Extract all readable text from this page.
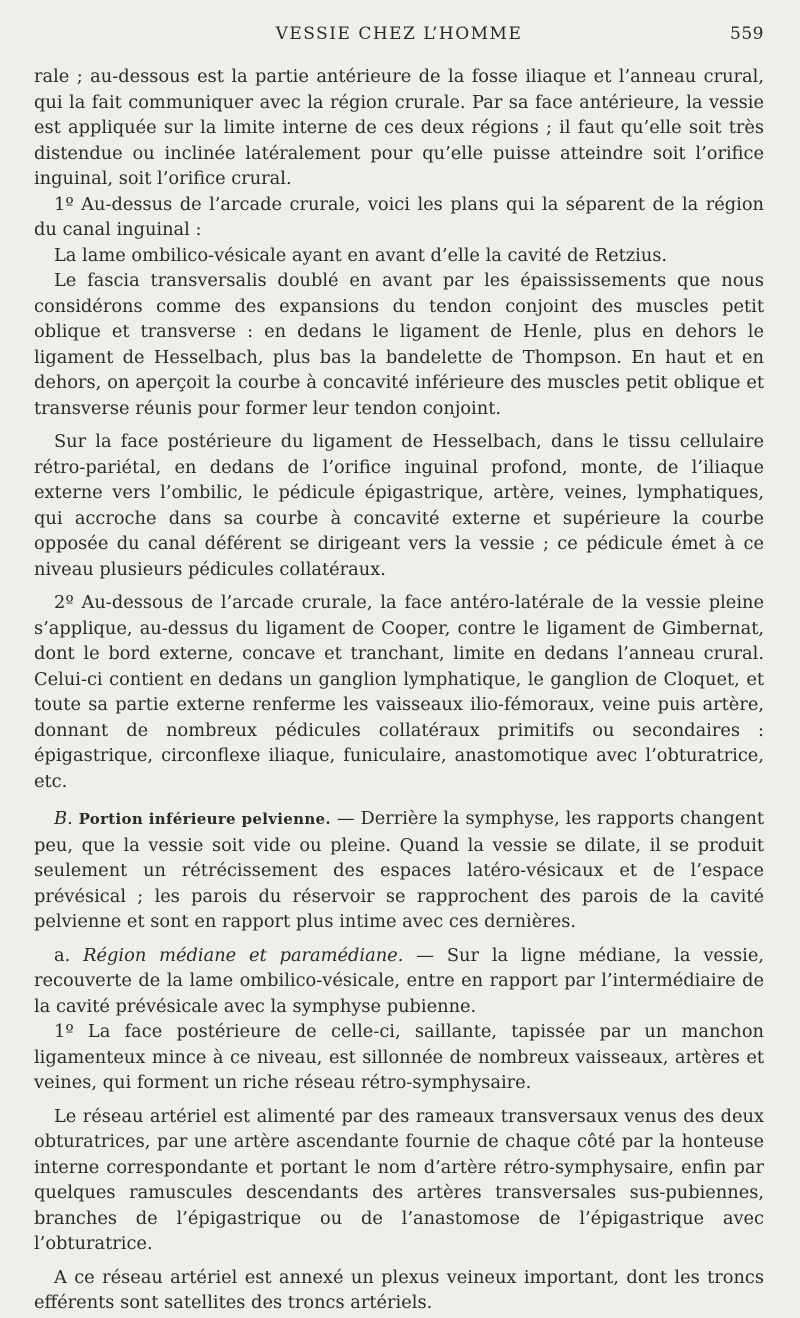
VESSIE CHEZ L’HOMME	559

rale ; au-dessous est la partie antérieure de la fosse iliaque et l’anneau crural, qui la fait communiquer avec la région crurale. Par sa face antérieure, la vessie est appliquée sur la limite interne de ces deux régions ; il faut qu’elle soit très distendue ou inclinée latéralement pour qu’elle puisse atteindre soit l’orifice inguinal, soit l’orifice crural.

1º Au-dessus de l’arcade crurale, voici les plans qui la séparent de la région du canal inguinal :

La lame ombilico-vésicale ayant en avant d’elle la cavité de Retzius.

Le fascia transversalis doublé en avant par les épaississements que nous considérons comme des expansions du tendon conjoint des muscles petit oblique et transverse : en dedans le ligament de Henle, plus en dehors le ligament de Hesselbach, plus bas la bandelette de Thompson. En haut et en dehors, on aperçoit la courbe à concavité inférieure des muscles petit oblique et transverse réunis pour former leur tendon conjoint.

Sur la face postérieure du ligament de Hesselbach, dans le tissu cellulaire rétro-pariétal, en dedans de l’orifice inguinal profond, monte, de l’iliaque externe vers l’ombilic, le pédicule épigastrique, artère, veines, lymphatiques, qui accroche dans sa courbe à concavité externe et supérieure la courbe opposée du canal déférent se dirigeant vers la vessie ; ce pédicule émet à ce niveau plusieurs pédicules collatéraux.

2º Au-dessous de l’arcade crurale, la face antéro-latérale de la vessie pleine s’applique, au-dessus du ligament de Cooper, contre le ligament de Gimbernat, dont le bord externe, concave et tranchant, limite en dedans l’anneau crural. Celui-ci contient en dedans un ganglion lymphatique, le ganglion de Cloquet, et toute sa partie externe renferme les vaisseaux ilio-fémoraux, veine puis artère, donnant de nombreux pédicules collatéraux primitifs ou secondaires : épigastrique, circonflexe iliaque, funiculaire, anastomotique avec l’obturatrice, etc.

B. Portion inférieure pelvienne. — Derrière la symphyse, les rapports changent peu, que la vessie soit vide ou pleine. Quand la vessie se dilate, il se produit seulement un rétrécissement des espaces latéro-vésicaux et de l’espace prévésical ; les parois du réservoir se rapprochent des parois de la cavité pelvienne et sont en rapport plus intime avec ces dernières.

a. Région médiane et paramédiane. — Sur la ligne médiane, la vessie, recouverte de la lame ombilico-vésicale, entre en rapport par l’intermédiaire de la cavité prévésicale avec la symphyse pubienne.

1º La face postérieure de celle-ci, saillante, tapissée par un manchon ligamenteux mince à ce niveau, est sillonnée de nombreux vaisseaux, artères et veines, qui forment un riche réseau rétro-symphysaire.

Le réseau artériel est alimenté par des rameaux transversaux venus des deux obturatrices, par une artère ascendante fournie de chaque côté par la honteuse interne correspondante et portant le nom d’artère rétro-symphysaire, enfin par quelques ramuscules descendants des artères transversales sus-pubiennes, branches de l’épigastrique ou de l’anastomose de l’épigastrique avec l’obturatrice.

A ce réseau artériel est annexé un plexus veineux important, dont les troncs efférents sont satellites des troncs artériels.
